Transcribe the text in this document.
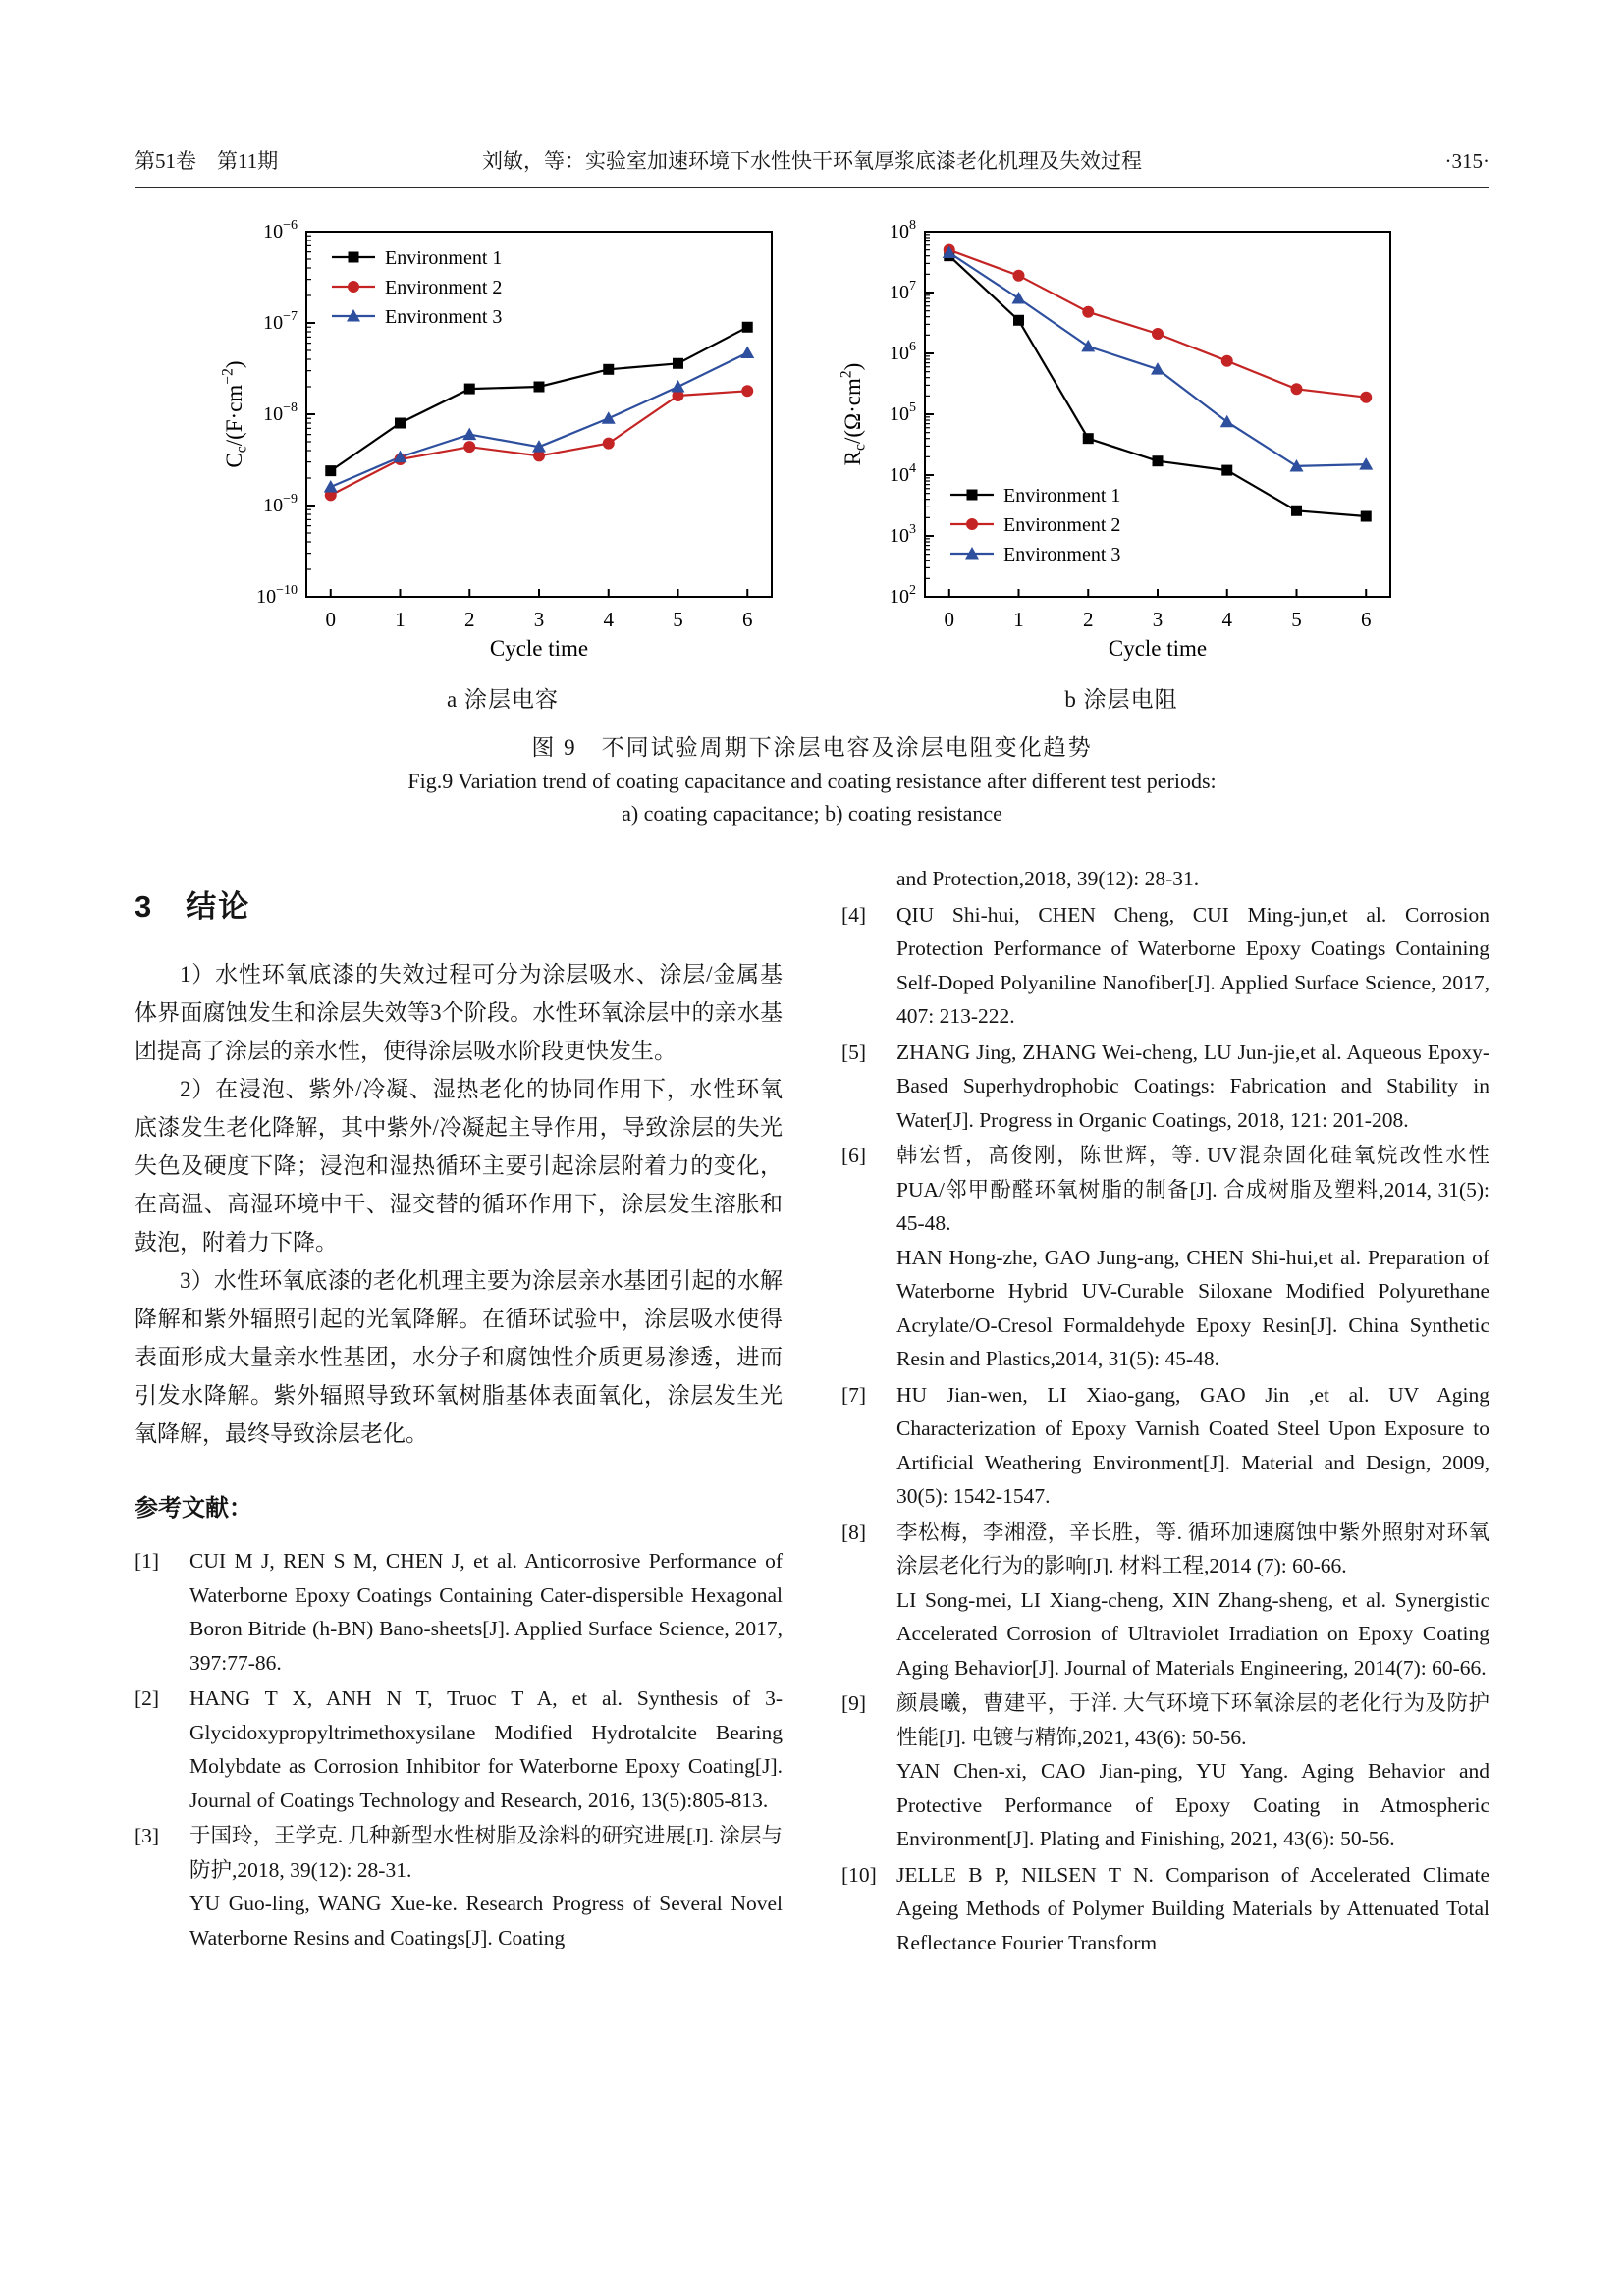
第51卷　第11期	刘敏，等：实验室加速环境下水性快干环氧厚浆底漆老化机理及失效过程	·315·
0	1	2	3	4	5	6
$10^{-10}$
$10^{-9}$
$10^{-8}$
$10^{-7}$
$10^{-6}$
Cycle time
$Cc/(F\cdot cm^{-2})$
Environment 1
Environment 2
Environment 3
a 涂层电容
0	1	2	3	4	5	6
$10^2$
$10^3$
$10^4$
$10^5$
$10^6$
$10^7$
$10^8$
Cycle time
$Rc/(\Omega\cdot cm^2)$
Environment 1
Environment 2
Environment 3
b 涂层电阻
图 9　不同试验周期下涂层电容及涂层电阻变化趋势
Fig.9 Variation trend of coating capacitance and coating resistance after different test periods:
a) coating capacitance; b) coating resistance
3　结论

1）水性环氧底漆的失效过程可分为涂层吸水、涂层/金属基体界面腐蚀发生和涂层失效等3个阶段。水性环氧涂层中的亲水基团提高了涂层的亲水性，使得涂层吸水阶段更快发生。

2）在浸泡、紫外/冷凝、湿热老化的协同作用下，水性环氧底漆发生老化降解，其中紫外/冷凝起主导作用，导致涂层的失光失色及硬度下降；浸泡和湿热循环主要引起涂层附着力的变化，在高温、高湿环境中干、湿交替的循环作用下，涂层发生溶胀和鼓泡，附着力下降。

3）水性环氧底漆的老化机理主要为涂层亲水基团引起的水解降解和紫外辐照引起的光氧降解。在循环试验中，涂层吸水使得表面形成大量亲水性基团，水分子和腐蚀性介质更易渗透，进而引发水降解。紫外辐照导致环氧树脂基体表面氧化，涂层发生光氧降解，最终导致涂层老化。

参考文献：
[1] CUI M J, REN S M, CHEN J, et al. Anticorrosive Performance of Waterborne Epoxy Coatings Containing Cater-dispersible Hexagonal Boron Bitride (h-BN) Bano-sheets[J]. Applied Surface Science, 2017, 397:77-86.
[2] HANG T X, ANH N T, Truoc T A, et al. Synthesis of 3-Glycidoxypropyltrimethoxysilane Modified Hydrotalcite Bearing Molybdate as Corrosion Inhibitor for Waterborne Epoxy Coating[J]. Journal of Coatings Technology and Research, 2016, 13(5):805-813.
[3] 于国玲，王学克. 几种新型水性树脂及涂料的研究进展[J]. 涂层与防护,2018, 39(12): 28-31.
YU Guo-ling, WANG Xue-ke. Research Progress of Several Novel Waterborne Resins and Coatings[J]. Coating
and Protection,2018, 39(12): 28-31.
[4] QIU Shi-hui, CHEN Cheng, CUI Ming-jun,et al. Corrosion Protection Performance of Waterborne Epoxy Coatings Containing Self-Doped Polyaniline Nanofiber[J]. Applied Surface Science, 2017, 407: 213-222.
[5] ZHANG Jing, ZHANG Wei-cheng, LU Jun-jie,et al. Aqueous Epoxy-Based Superhydrophobic Coatings: Fabrication and Stability in Water[J]. Progress in Organic Coatings, 2018, 121: 201-208.
[6] 韩宏哲，高俊刚，陈世辉，等. UV混杂固化硅氧烷改性水性PUA/邻甲酚醛环氧树脂的制备[J]. 合成树脂及塑料,2014, 31(5): 45-48.
HAN Hong-zhe, GAO Jung-ang, CHEN Shi-hui,et al. Preparation of Waterborne Hybrid UV-Curable Siloxane Modified Polyurethane Acrylate/O-Cresol Formaldehyde Epoxy Resin[J]. China Synthetic Resin and Plastics,2014, 31(5): 45-48.
[7] HU Jian-wen, LI Xiao-gang, GAO Jin ,et al. UV Aging Characterization of Epoxy Varnish Coated Steel Upon Exposure to Artificial Weathering Environment[J]. Material and Design, 2009, 30(5): 1542-1547.
[8] 李松梅，李湘澄，辛长胜，等. 循环加速腐蚀中紫外照射对环氧涂层老化行为的影响[J]. 材料工程,2014 (7): 60-66.
LI Song-mei, LI Xiang-cheng, XIN Zhang-sheng, et al. Synergistic Accelerated Corrosion of Ultraviolet Irradiation on Epoxy Coating Aging Behavior[J]. Journal of Materials Engineering, 2014(7): 60-66.
[9] 颜晨曦，曹建平，于洋. 大气环境下环氧涂层的老化行为及防护性能[J]. 电镀与精饰,2021, 43(6): 50-56.
YAN Chen-xi, CAO Jian-ping, YU Yang. Aging Behavior and Protective Performance of Epoxy Coating in Atmospheric Environment[J]. Plating and Finishing, 2021, 43(6): 50-56.
[10] JELLE B P, NILSEN T N. Comparison of Accelerated Climate Ageing Methods of Polymer Building Materials by Attenuated Total Reflectance Fourier Transform
